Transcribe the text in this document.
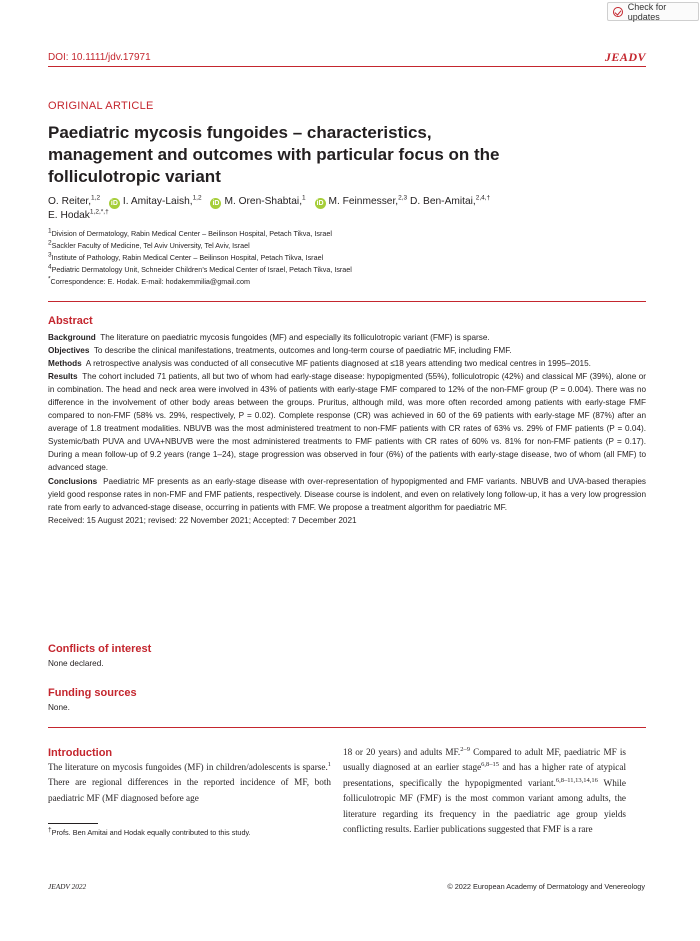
Check for updates
DOI: 10.1111/jdv.17971	JEADV
ORIGINAL ARTICLE
Paediatric mycosis fungoides – characteristics,
management and outcomes with particular focus on the
folliculotropic variant
O. Reiter,$^{1,2}$ iD I. Amitay-Laish,$^{1,2}$ iD M. Oren-Shabtai,$^1$ iD M. Feinmesser,$^{2,3}$ D. Ben-Amitai,$^{2,4,\dagger}$
E. Hodak$^{1,2,*,\dagger}$
$^1$Division of Dermatology, Rabin Medical Center – Beilinson Hospital, Petach Tikva, Israel
$^2$Sackler Faculty of Medicine, Tel Aviv University, Tel Aviv, Israel
$^3$Institute of Pathology, Rabin Medical Center – Beilinson Hospital, Petach Tikva, Israel
$^4$Pediatric Dermatology Unit, Schneider Children’s Medical Center of Israel, Petach Tikva, Israel
*Correspondence: E. Hodak. E-mail: hodakemmilia@gmail.com
Abstract

Background The literature on paediatric mycosis fungoides (MF) and especially its folliculotropic variant (FMF) is sparse.

Objectives To describe the clinical manifestations, treatments, outcomes and long-term course of paediatric MF, including FMF.

Methods A retrospective analysis was conducted of all consecutive MF patients diagnosed at ≤18 years attending two medical centres in 1995–2015.

Results The cohort included 71 patients, all but two of whom had early-stage disease: hypopigmented (55%), folliculotropic (42%) and classical MF (39%), alone or in combination. The head and neck area were involved in 43% of patients with early-stage FMF compared to 12% of the non-FMF group (P = 0.004). There was no difference in the involvement of other body areas between the groups. Pruritus, although mild, was more often recorded among patients with early-stage FMF compared to non-FMF (58% vs. 29%, respectively, P = 0.02). Complete response (CR) was achieved in 60 of the 69 patients with early-stage MF (87%) after an average of 1.8 treatment modalities. NBUVB was the most administered treatment to non-FMF patients with CR rates of 63% vs. 29% of FMF patients (P = 0.04). Systemic/bath PUVA and UVA+NBUVB were the most administered treatments to FMF patients with CR rates of 60% vs. 81% for non-FMF patients (P = 0.17). During a mean follow-up of 9.2 years (range 1–24), stage progression was observed in four (6%) of the patients with early-stage disease, two of whom (all FMF) to advanced stage.

Conclusions Paediatric MF presents as an early-stage disease with over-representation of hypopigmented and FMF variants. NBUVB and UVA-based therapies yield good response rates in non-FMF and FMF patients, respectively. Disease course is indolent, and even on relatively long follow-up, it has a very low progression rate from early to advanced-stage disease, occurring in patients with FMF. We propose a treatment algorithm for paediatric MF.

Received: 15 August 2021; revised: 22 November 2021; Accepted: 7 December 2021

Conflicts of interest
None declared.
Funding sources
None.
Introduction

The literature on mycosis fungoides (MF) in children/adolescents is sparse.$^1$ There are regional differences in the reported incidence of MF, both paediatric MF (MF diagnosed before age

18 or 20 years) and adults MF.$^{2-9}$ Compared to adult MF, paediatric MF is usually diagnosed at an earlier stage$^{6,8-15}$ and has a higher rate of atypical presentations, specifically the hypopigmented variant.$^{6,8-11,13,14,16}$ While folliculotropic MF (FMF) is the most common variant among adults, the literature regarding its frequency in the paediatric age group yields conflicting results. Earlier publications suggested that FMF is a rare

†Profs. Ben Amitai and Hodak equally contributed to this study.
JEADV 2022	© 2022 European Academy of Dermatology and Venereology
